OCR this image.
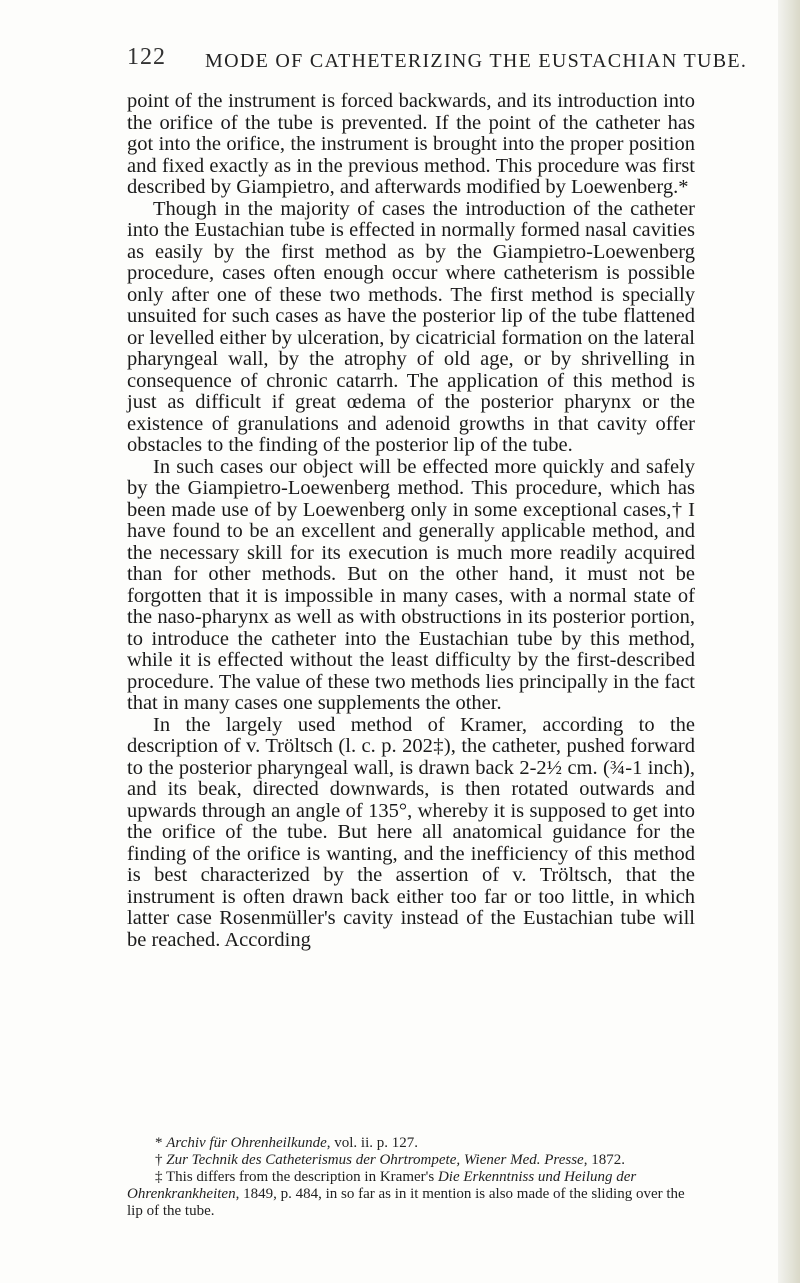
122 MODE OF CATHETERIZING THE EUSTACHIAN TUBE.

point of the instrument is forced backwards, and its introduction into the orifice of the tube is prevented. If the point of the catheter has got into the orifice, the instrument is brought into the proper position and fixed exactly as in the previous method. This procedure was first described by Giampietro, and afterwards modified by Loewenberg.*

Though in the majority of cases the introduction of the catheter into the Eustachian tube is effected in normally formed nasal cavities as easily by the first method as by the Giampietro-Loewenberg procedure, cases often enough occur where catheterism is possible only after one of these two methods. The first method is specially unsuited for such cases as have the posterior lip of the tube flattened or levelled either by ulceration, by cicatricial formation on the lateral pharyngeal wall, by the atrophy of old age, or by shrivelling in consequence of chronic catarrh. The application of this method is just as difficult if great œdema of the posterior pharynx or the existence of granulations and adenoid growths in that cavity offer obstacles to the finding of the posterior lip of the tube.

In such cases our object will be effected more quickly and safely by the Giampietro-Loewenberg method. This procedure, which has been made use of by Loewenberg only in some exceptional cases,† I have found to be an excellent and generally applicable method, and the necessary skill for its execution is much more readily acquired than for other methods. But on the other hand, it must not be forgotten that it is impossible in many cases, with a normal state of the naso-pharynx as well as with obstructions in its posterior portion, to introduce the catheter into the Eustachian tube by this method, while it is effected without the least difficulty by the first-described procedure. The value of these two methods lies principally in the fact that in many cases one supplements the other.

In the largely used method of Kramer, according to the description of v. Tröltsch (l. c. p. 202‡), the catheter, pushed forward to the posterior pharyngeal wall, is drawn back 2-2½ cm. (¾-1 inch), and its beak, directed downwards, is then rotated outwards and upwards through an angle of 135°, whereby it is supposed to get into the orifice of the tube. But here all anatomical guidance for the finding of the orifice is wanting, and the inefficiency of this method is best characterized by the assertion of v. Tröltsch, that the instrument is often drawn back either too far or too little, in which latter case Rosenmüller's cavity instead of the Eustachian tube will be reached. According

* Archiv für Ohrenheilkunde, vol. ii. p. 127.

† Zur Technik des Catheterismus der Ohrtrompete, Wiener Med. Presse, 1872.

‡ This differs from the description in Kramer's Die Erkenntniss und Heilung der Ohrenkrankheiten, 1849, p. 484, in so far as in it mention is also made of the sliding over the lip of the tube.
